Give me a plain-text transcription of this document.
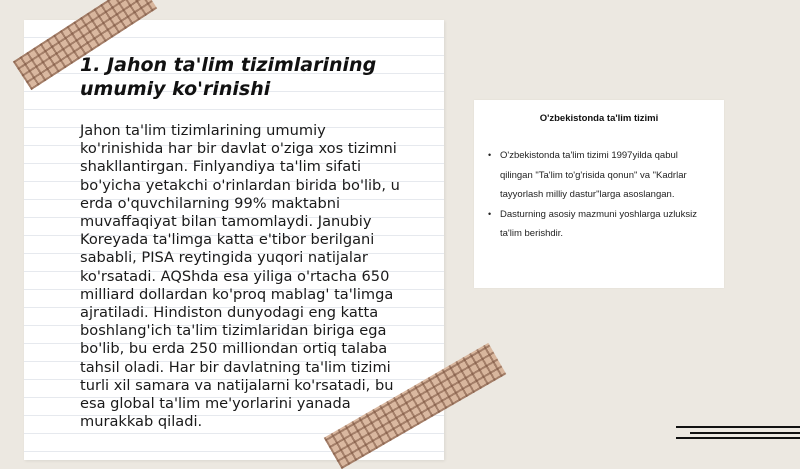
1. Jahon ta'lim tizimlarining umumiy ko'rinishi

Jahon ta'lim tizimlarining umumiy ko'rinishida har bir davlat o'ziga xos tizimni shakllantirgan. Finlyandiya ta'lim sifati bo'yicha yetakchi o'rinlardan birida bo'lib, u erda o'quvchilarning 99% maktabni muvaffaqiyat bilan tamomlaydi. Janubiy Koreyada ta'limga katta e'tibor berilgani sababli, PISA reytingida yuqori natijalar ko'rsatadi. AQShda esa yiliga o'rtacha 650 milliard dollardan ko'proq mablag' ta'limga ajratiladi. Hindiston dunyodagi eng katta boshlang'ich ta'lim tizimlaridan biriga ega bo'lib, bu erda 250 milliondan ortiq talaba tahsil oladi. Har bir davlatning ta'lim tizimi turli xil samara va natijalarni ko'rsatadi, bu esa global ta'lim me'yorlarini yanada murakkab qiladi.

O'zbekistonda ta'lim tizimi
• O'zbekistonda ta'lim tizimi 1997yilda qabul qilingan "Ta'lim to'g'risida qonun" va "Kadrlar tayyorlash milliy dastur"larga asoslangan.
• Dasturning asosiy mazmuni yoshlarga uzluksiz ta'lim berishdir.
